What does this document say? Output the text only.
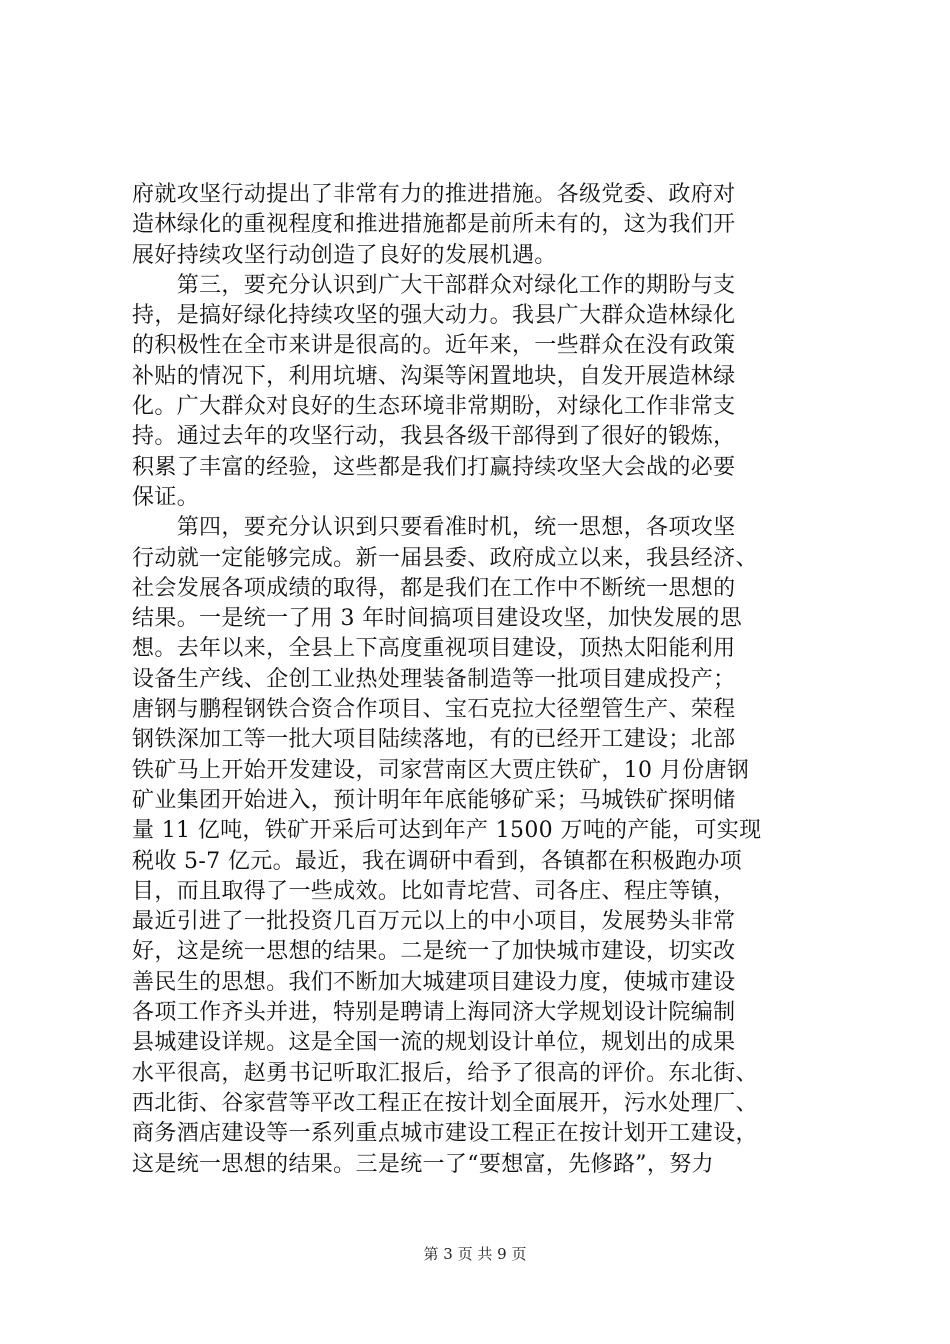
府就攻坚行动提出了非常有力的推进措施。各级党委、政府对
造林绿化的重视程度和推进措施都是前所未有的，这为我们开
展好持续攻坚行动创造了良好的发展机遇。
　　第三，要充分认识到广大干部群众对绿化工作的期盼与支
持，是搞好绿化持续攻坚的强大动力。我县广大群众造林绿化
的积极性在全市来讲是很高的。近年来，一些群众在没有政策
补贴的情况下，利用坑塘、沟渠等闲置地块，自发开展造林绿
化。广大群众对良好的生态环境非常期盼，对绿化工作非常支
持。通过去年的攻坚行动，我县各级干部得到了很好的锻炼，
积累了丰富的经验，这些都是我们打赢持续攻坚大会战的必要
保证。
　　第四，要充分认识到只要看准时机，统一思想，各项攻坚
行动就一定能够完成。新一届县委、政府成立以来，我县经济、
社会发展各项成绩的取得，都是我们在工作中不断统一思想的
结果。一是统一了用 3 年时间搞项目建设攻坚，加快发展的思
想。去年以来，全县上下高度重视项目建设，顶热太阳能利用
设备生产线、企创工业热处理装备制造等一批项目建成投产；
唐钢与鹏程钢铁合资合作项目、宝石克拉大径塑管生产、荣程
钢铁深加工等一批大项目陆续落地，有的已经开工建设；北部
铁矿马上开始开发建设，司家营南区大贾庄铁矿，10 月份唐钢
矿业集团开始进入，预计明年年底能够矿采；马城铁矿探明储
量 11 亿吨，铁矿开采后可达到年产 1500 万吨的产能，可实现
税收 5-7 亿元。最近，我在调研中看到，各镇都在积极跑办项
目，而且取得了一些成效。比如青坨营、司各庄、程庄等镇，
最近引进了一批投资几百万元以上的中小项目，发展势头非常
好，这是统一思想的结果。二是统一了加快城市建设，切实改
善民生的思想。我们不断加大城建项目建设力度，使城市建设
各项工作齐头并进，特别是聘请上海同济大学规划设计院编制
县城建设详规。这是全国一流的规划设计单位，规划出的成果
水平很高，赵勇书记听取汇报后，给予了很高的评价。东北街、
西北街、谷家营等平改工程正在按计划全面展开，污水处理厂、
商务酒店建设等一系列重点城市建设工程正在按计划开工建设，
这是统一思想的结果。三是统一了“要想富，先修路”，努力
第 3 页 共 9 页
